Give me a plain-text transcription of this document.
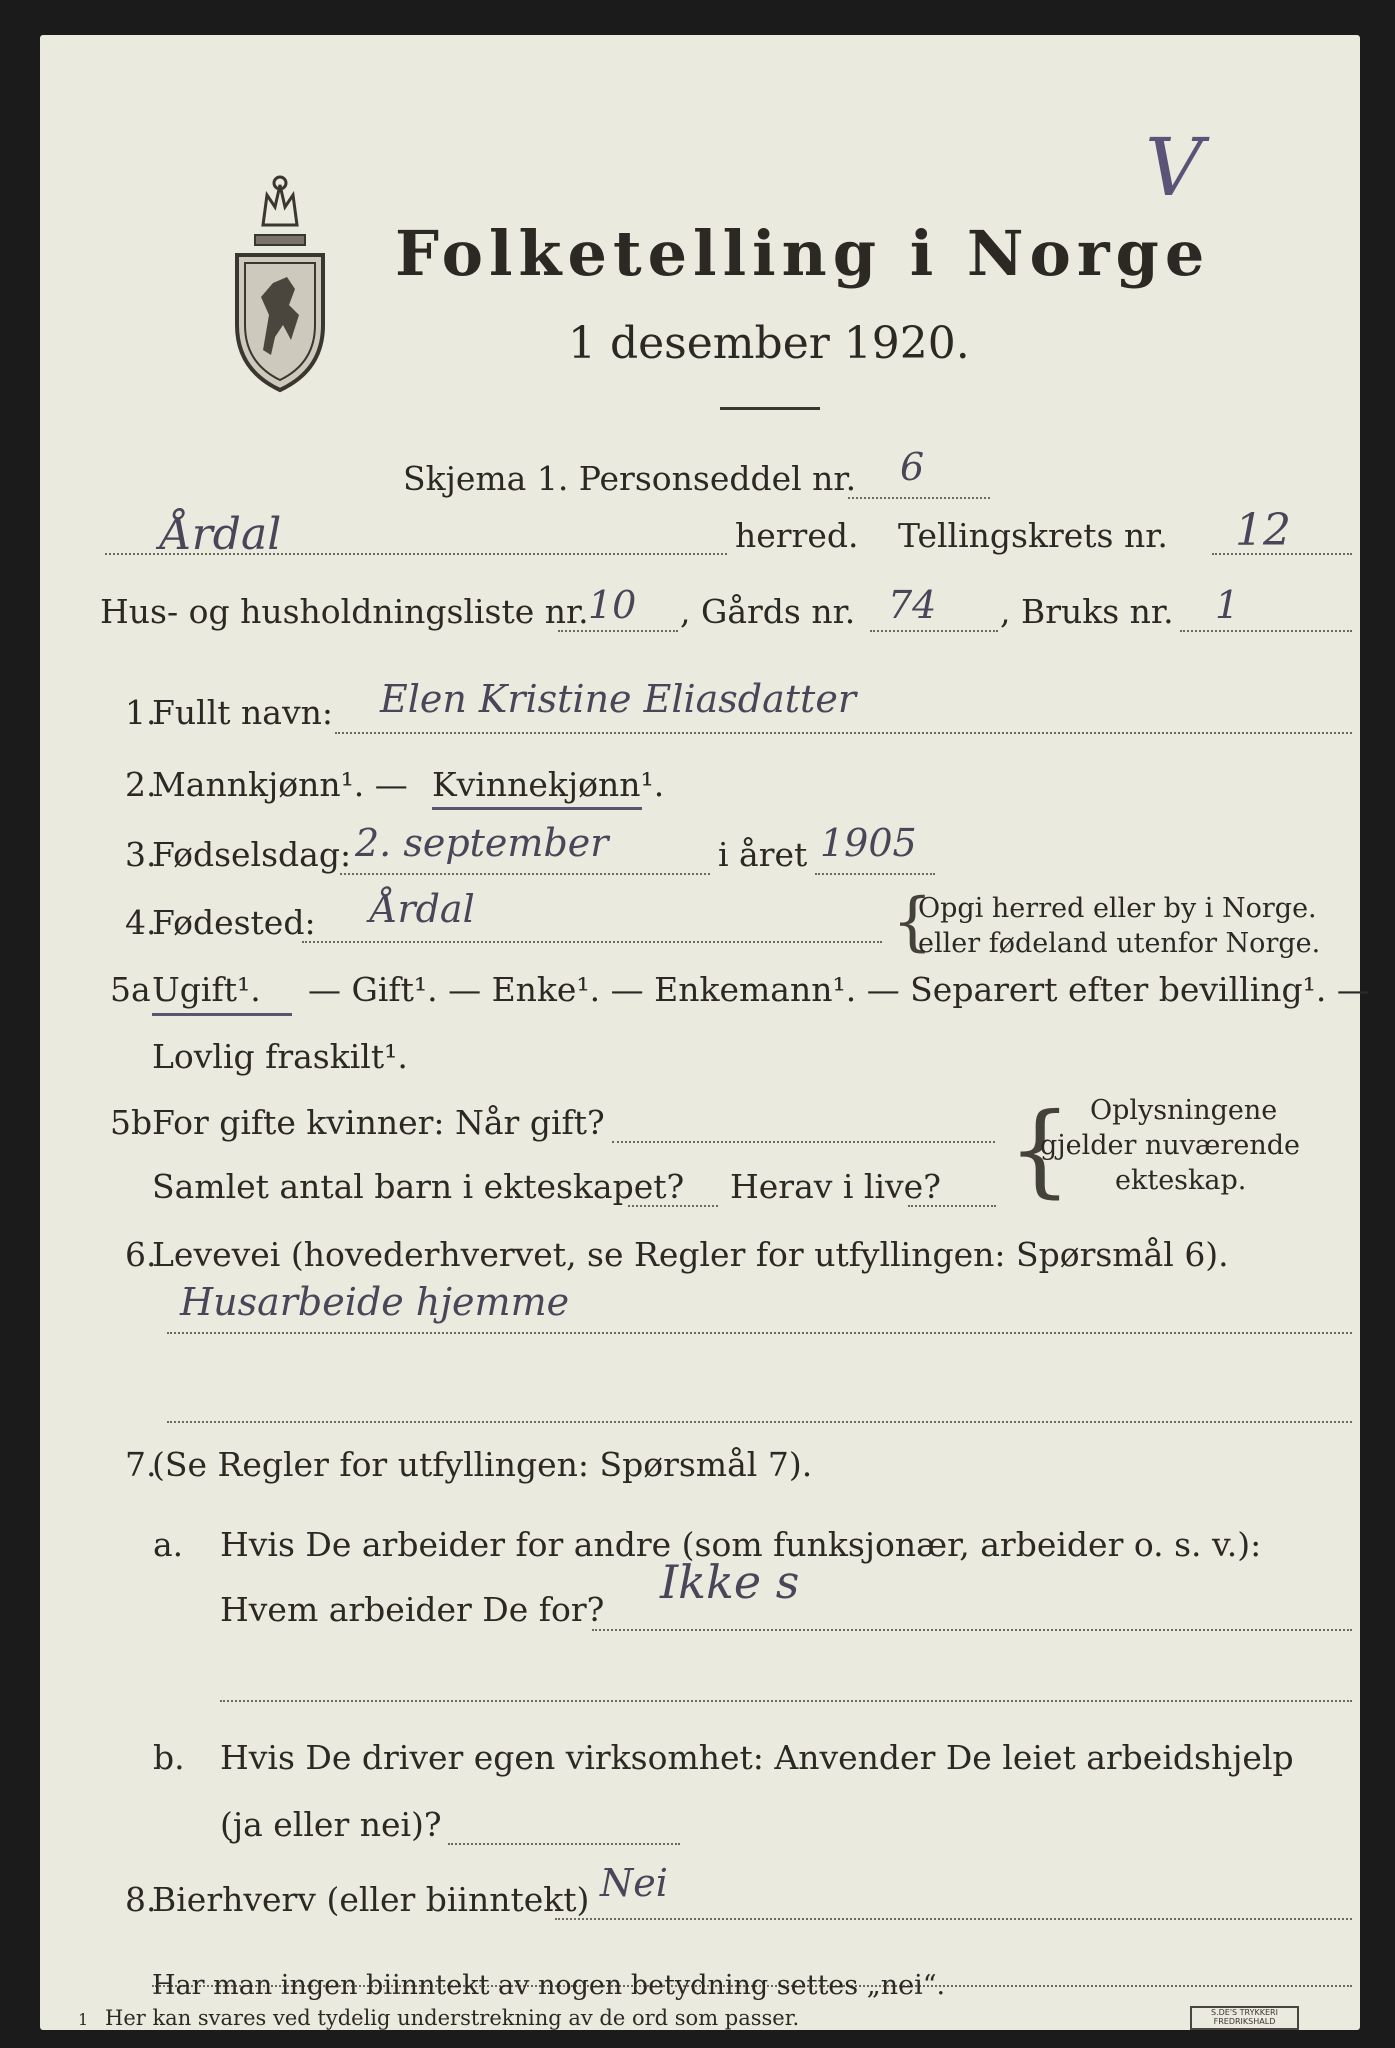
Folketelling i Norge
1 desember 1920.
V
Skjema 1. Personseddel nr. 6
Årdal	herred. Tellingskrets nr. 12
Hus- og husholdningsliste nr. 10 , Gårds nr. 74 , Bruks nr. 1
1.
Fullt navn: Elen Kristine Eliasdatter
2.
Mannkjønn¹. — Kvinnekjønn¹.
3.
Fødselsdag: 2. september	i året 1905
4.
Fødested: Årdal	{
Opgi herred eller by i Norge.
eller fødeland utenfor Norge.
5a Ugift¹. — Gift¹. — Enke¹. — Enkemann¹. — Separert efter bevilling¹. —
Lovlig fraskilt¹.
5b For gifte kvinner: Når gift?
Samlet antal barn i ekteskapet? Herav i live? { Oplysningene
gjelder nuværende
ekteskap.
6.
Levevei (hovederhvervet, se Regler for utfyllingen: Spørsmål 6).
Husarbeide hjemme
7.
(Se Regler for utfyllingen: Spørsmål 7).
a. Hvis De arbeider for andre (som funksjonær, arbeider o. s. v.):
Hvem arbeider De for?
Ikke s
b. Hvis De driver egen virksomhet: Anvender De leiet arbeidshjelp
(ja eller nei)?
8.
Bierhverv (eller biinntekt) Nei
Har man ingen biinntekt av nogen betydning settes „nei“.
1 Her kan svares ved tydelig understrekning av de ord som passer.	S.DE'S TRYKKERI FREDRIKSHALD
